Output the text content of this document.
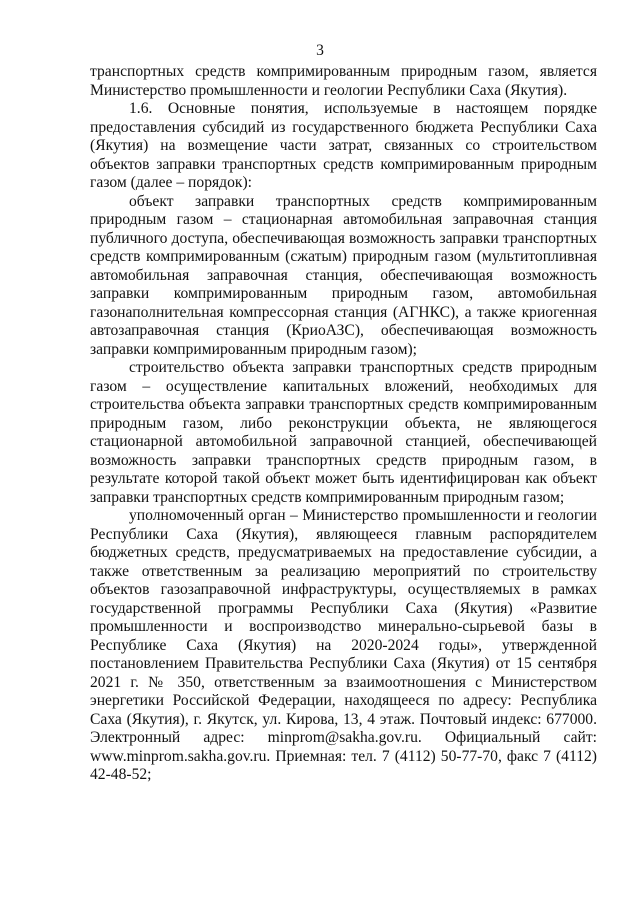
3

транспортных средств компримированным природным газом, является Министерство промышленности и геологии Республики Саха (Якутия).

1.6. Основные понятия, используемые в настоящем порядке предоставления субсидий из государственного бюджета Республики Саха (Якутия) на возмещение части затрат, связанных со строительством объектов заправки транспортных средств компримированным природным газом (далее – порядок):

объект заправки транспортных средств компримированным природным газом – стационарная автомобильная заправочная станция публичного доступа, обеспечивающая возможность заправки транспортных средств компримированным (сжатым) природным газом (мультитопливная автомобильная заправочная станция, обеспечивающая возможность заправки компримированным природным газом, автомобильная газонаполнительная компрессорная станция (АГНКС), а также криогенная автозаправочная станция (КриоАЗС), обеспечивающая возможность заправки компримированным природным газом);

строительство объекта заправки транспортных средств природным газом – осуществление капитальных вложений, необходимых для строительства объекта заправки транспортных средств компримированным природным газом, либо реконструкции объекта, не являющегося стационарной автомобильной заправочной станцией, обеспечивающей возможность заправки транспортных средств природным газом, в результате которой такой объект может быть идентифицирован как объект заправки транспортных средств компримированным природным газом;

уполномоченный орган – Министерство промышленности и геологии Республики Саха (Якутия), являющееся главным распорядителем бюджетных средств, предусматриваемых на предоставление субсидии, а также ответственным за реализацию мероприятий по строительству объектов газозаправочной инфраструктуры, осуществляемых в рамках государственной программы Республики Саха (Якутия) «Развитие промышленности и воспроизводство минерально-сырьевой базы в Республике Саха (Якутия) на 2020-2024 годы», утвержденной постановлением Правительства Республики Саха (Якутия) от 15 сентября 2021 г. № 350, ответственным за взаимоотношения с Министерством энергетики Российской Федерации, находящееся по адресу: Республика Саха (Якутия), г. Якутск, ул. Кирова, 13, 4 этаж. Почтовый индекс: 677000. Электронный адрес: minprom@sakha.gov.ru. Официальный сайт: www.minprom.sakha.gov.ru. Приемная: тел. 7 (4112) 50-77-70, факс 7 (4112) 42-48-52;
